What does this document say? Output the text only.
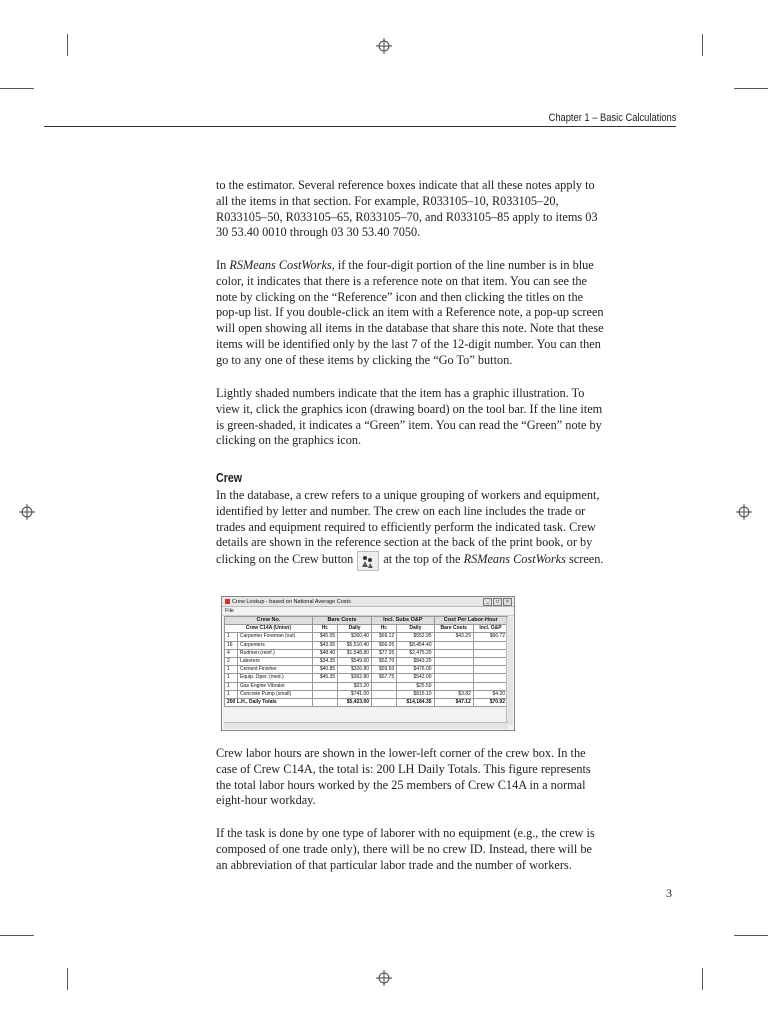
Chapter 1 – Basic Calculations

to the estimator. Several reference boxes indicate that all these notes apply to all the items in that section. For example, R033105–10, R033105–20, R033105–50, R033105–65, R033105–70, and R033105–85 apply to items 03 30 53.40 0010 through 03 30 53.40 7050.

In RSMeans CostWorks, if the four-digit portion of the line number is in blue color, it indicates that there is a reference note on that item. You can see the note by clicking on the “Reference” icon and then clicking the titles on the pop-up list. If you double-click an item with a Reference note, a pop-up screen will open showing all items in the database that share this note. Note that these items will be identified only by the last 7 of the 12-digit number. You can then go to any one of these items by clicking the “Go To” button.

Lightly shaded numbers indicate that the item has a graphic illustration. To view it, click the graphics icon (drawing board) on the tool bar. If the line item is green-shaded, it indicates a “Green” item. You can read the “Green” note by clicking on the graphics icon.

Crew

In the database, a crew refers to a unique grouping of workers and equipment, identified by letter and number. The crew on each line includes the trade or trades and equipment required to efficiently perform the indicated task. Crew details are shown in the reference section at the back of the print book, or by clicking on the Crew button at the top of the RSMeans CostWorks screen.

Crew Lookup - based on National Average Costs	_	□	×
File
Crew No.		Bare Costs		Incl. Subs O&P		Cost Per Labor-Hour	
Crew C14A (Union)		Hr.	Daily	Hr.	Daily	Bare Costs	Incl. O&P
1	Carpenter Foreman (out)	$45.05	$360.40	$69.12	$552.95	$43.29	$66.72
16	Carpenters	$43.05	$5,510.40	$66.05	$8,454.40		
4	Rodmen (reinf.)	$48.40	$1,548.80	$77.35	$2,475.20		
2	Laborers	$34.35	$549.60	$52.70	$843.20		
1	Cement Finisher	$40.85	$326.80	$59.50	$476.00		
1	Equip. Oper. (med.)	$45.35	$362.80	$67.75	$542.00		
1	Gas Engine Vibrator		$23.20		$25.50		
1	Concrete Pump (small)		$741.00		$815.10	$3.82	$4.20
200 L.H., Daily Totals			$5,423.00		$14,184.35	$47.12	$70.92

Crew labor hours are shown in the lower-left corner of the crew box. In the case of Crew C14A, the total is: 200 LH Daily Totals. This figure represents the total labor hours worked by the 25 members of Crew C14A in a normal eight-hour workday.

If the task is done by one type of laborer with no equipment (e.g., the crew is composed of one trade only), there will be no crew ID. Instead, there will be an abbreviation of that particular labor trade and the number of workers.

3
